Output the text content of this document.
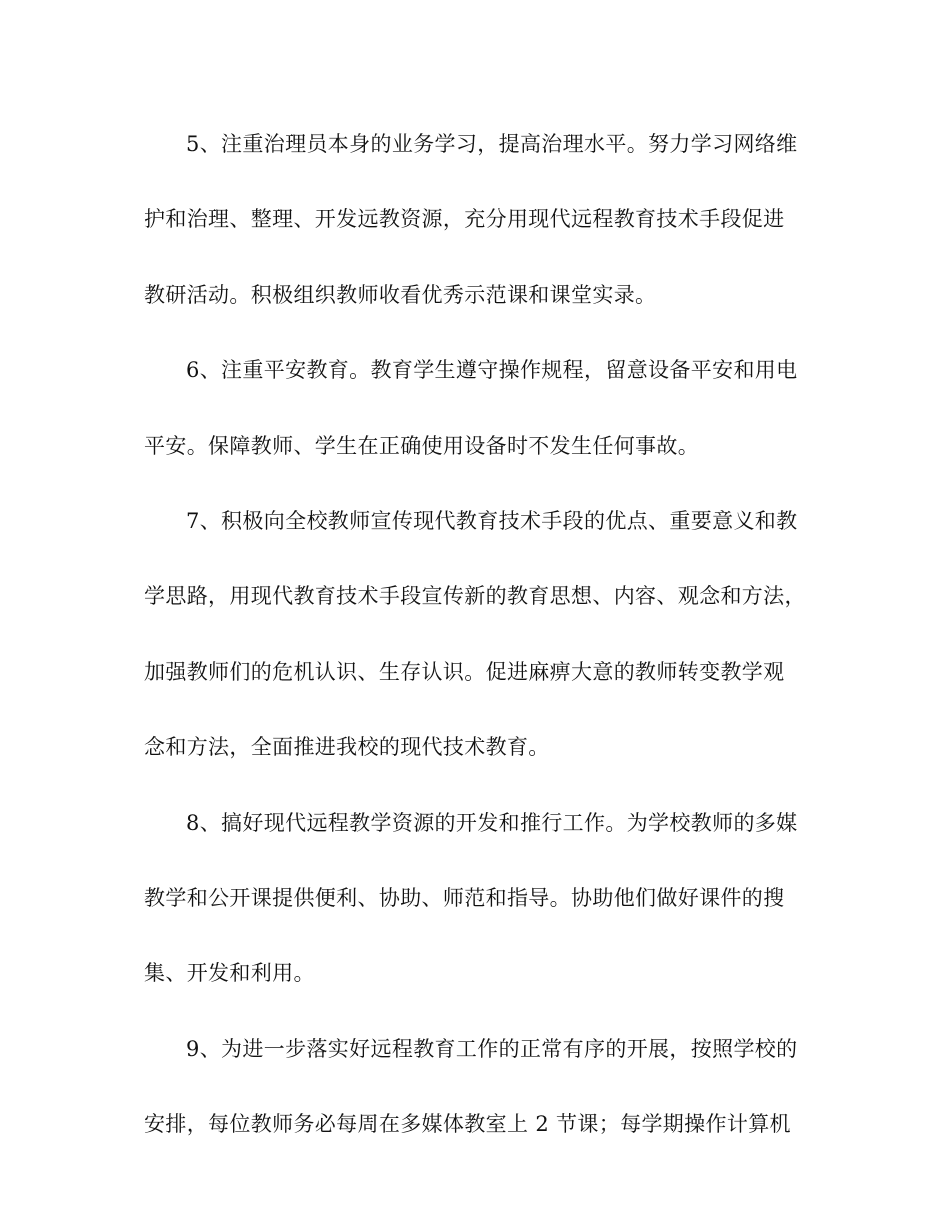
5、注重治理员本身的业务学习，提高治理水平。努力学习网络维
护和治理、整理、开发远教资源，充分用现代远程教育技术手段促进
教研活动。积极组织教师收看优秀示范课和课堂实录。
6、注重平安教育。教育学生遵守操作规程，留意设备平安和用电
平安。保障教师、学生在正确使用设备时不发生任何事故。
7、积极向全校教师宣传现代教育技术手段的优点、重要意义和教
学思路，用现代教育技术手段宣传新的教育思想、内容、观念和方法，
加强教师们的危机认识、生存认识。促进麻痹大意的教师转变教学观
念和方法，全面推进我校的现代技术教育。
8、搞好现代远程教学资源的开发和推行工作。为学校教师的多媒
教学和公开课提供便利、协助、师范和指导。协助他们做好课件的搜
集、开发和利用。
9、为进一步落实好远程教育工作的正常有序的开展，按照学校的
安排，每位教师务必每周在多媒体教室上 2 节课；每学期操作计算机
